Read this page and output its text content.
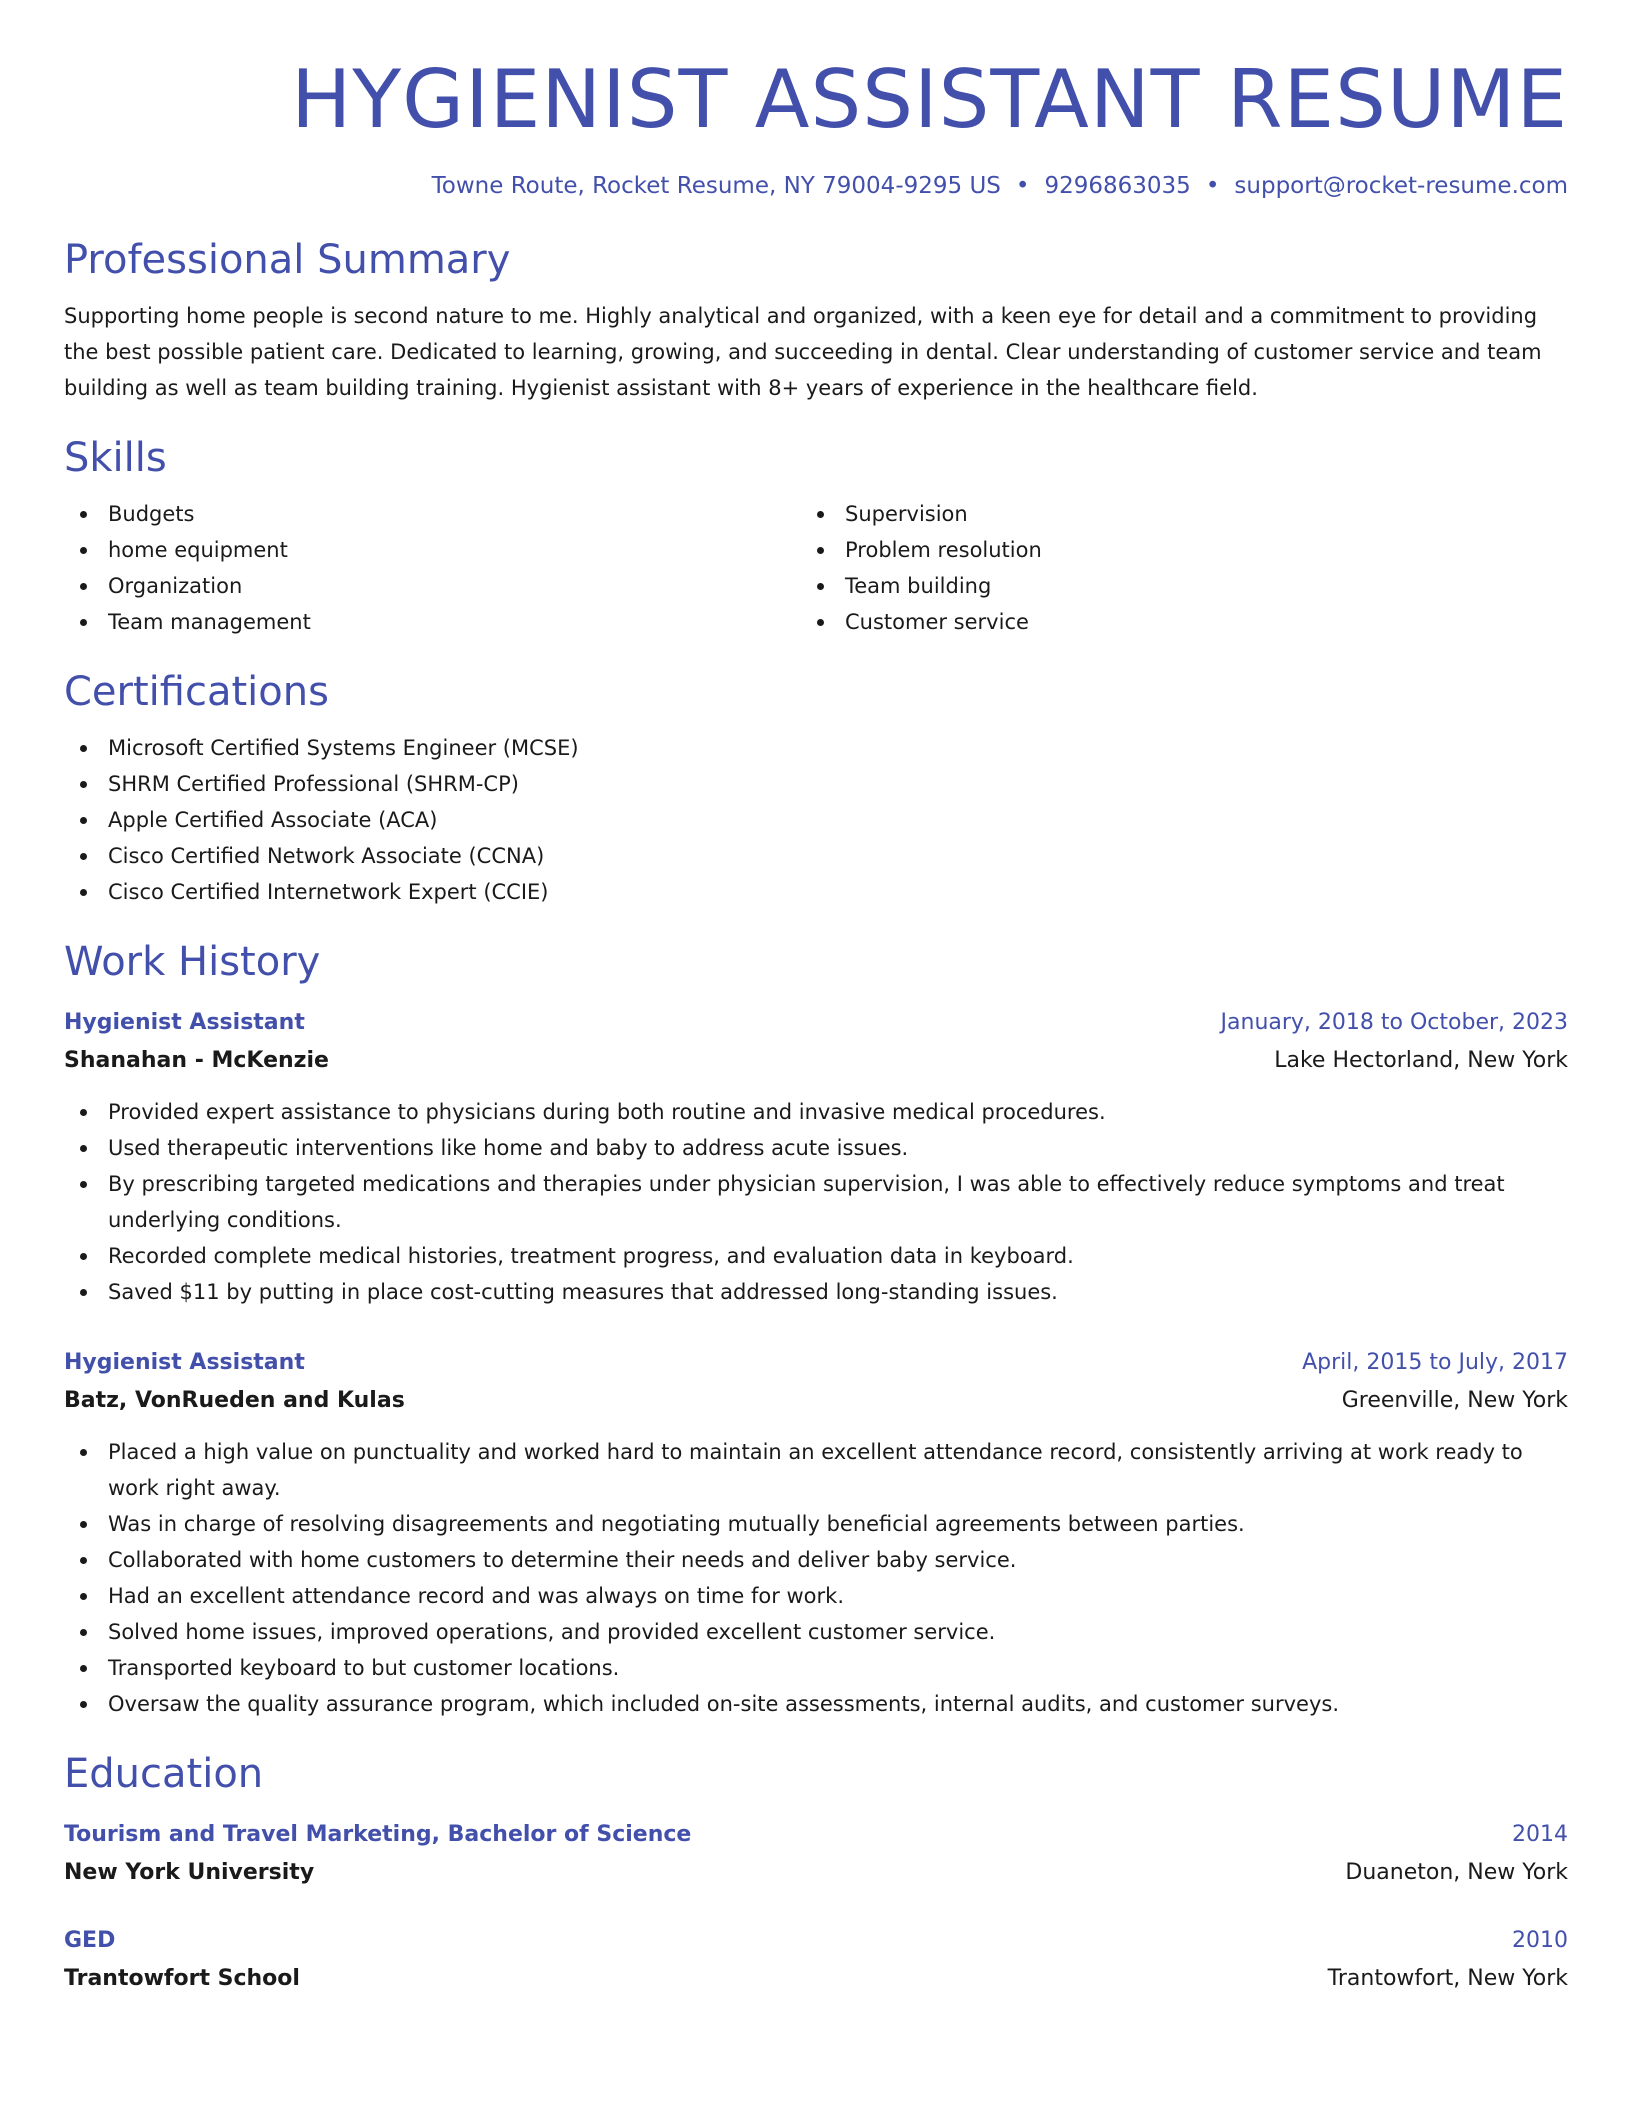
HYGIENIST ASSISTANT RESUME
Towne Route, Rocket Resume, NY 79004-9295 US • 9296863035 • support@rocket-resume.com
Professional Summary

Supporting home people is second nature to me. Highly analytical and organized, with a keen eye for detail and a commitment to providing the best possible patient care. Dedicated to learning, growing, and succeeding in dental. Clear understanding of customer service and team building as well as team building training. Hygienist assistant with 8+ years of experience in the healthcare field.

Skills
Budgets
home equipment
Organization
Team management
Supervision
Problem resolution
Team building
Customer service
Certifications
Microsoft Certified Systems Engineer (MCSE)
SHRM Certified Professional (SHRM-CP)
Apple Certified Associate (ACA)
Cisco Certified Network Associate (CCNA)
Cisco Certified Internetwork Expert (CCIE)
Work History
Hygienist Assistant	January, 2018 to October, 2023
Shanahan - McKenzie	Lake Hectorland, New York
Provided expert assistance to physicians during both routine and invasive medical procedures.
Used therapeutic interventions like home and baby to address acute issues.
By prescribing targeted medications and therapies under physician supervision, I was able to effectively reduce symptoms and treat underlying conditions.
Recorded complete medical histories, treatment progress, and evaluation data in keyboard.
Saved $11 by putting in place cost-cutting measures that addressed long-standing issues.
Hygienist Assistant	April, 2015 to July, 2017
Batz, VonRueden and Kulas	Greenville, New York
Placed a high value on punctuality and worked hard to maintain an excellent attendance record, consistently arriving at work ready to work right away.
Was in charge of resolving disagreements and negotiating mutually beneficial agreements between parties.
Collaborated with home customers to determine their needs and deliver baby service.
Had an excellent attendance record and was always on time for work.
Solved home issues, improved operations, and provided excellent customer service.
Transported keyboard to but customer locations.
Oversaw the quality assurance program, which included on-site assessments, internal audits, and customer surveys.
Education
Tourism and Travel Marketing, Bachelor of Science	2014
New York University	Duaneton, New York
GED	2010
Trantowfort School	Trantowfort, New York
